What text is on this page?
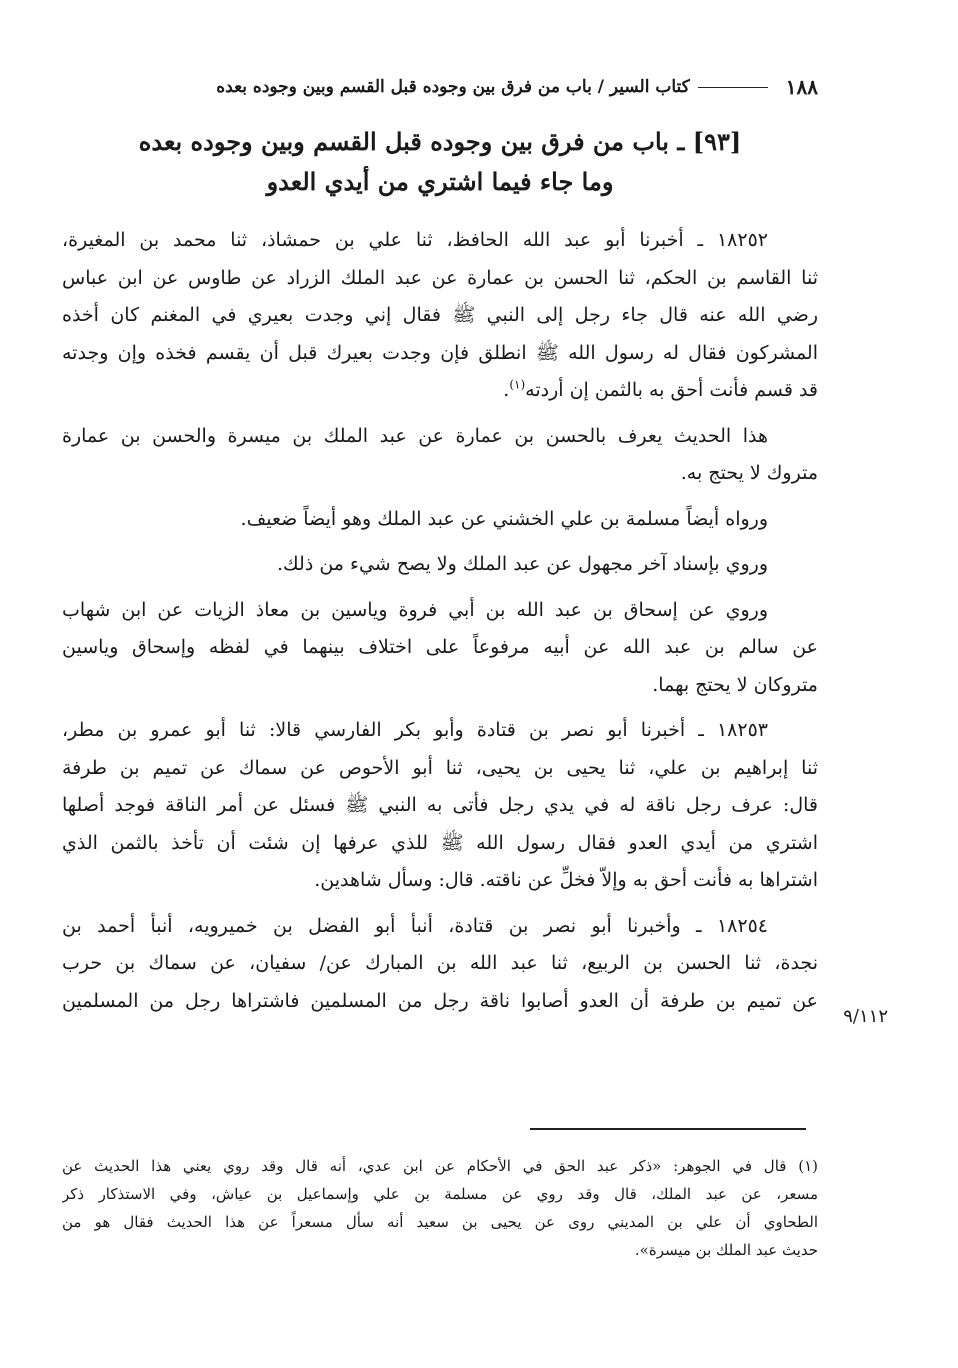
١٨٨
كتاب السير / باب من فرق بين وجوده قبل القسم وبين وجوده بعده
[٩٣] ـ باب من فرق بين وجوده قبل القسم وبين وجوده بعده
وما جاء فيما اشتري من أيدي العدو

١٨٢٥٢ ـ أخبرنا أبو عبد الله الحافظ، ثنا علي بن حمشاذ، ثنا محمد بن المغيرة،
ثنا القاسم بن الحكم، ثنا الحسن بن عمارة عن عبد الملك الزراد عن طاوس عن ابن عباس
رضي الله عنه قال جاء رجل إلى النبي ﷺ فقال إني وجدت بعيري في المغنم كان أخذه
المشركون فقال له رسول الله ﷺ انطلق فإن وجدت بعيرك قبل أن يقسم فخذه وإن وجدته
قد قسم فأنت أحق به بالثمن إن أردته$^{(١)}$.

هذا الحديث يعرف بالحسن بن عمارة عن عبد الملك بن ميسرة والحسن بن عمارة
متروك لا يحتج به.

ورواه أيضاً مسلمة بن علي الخشني عن عبد الملك وهو أيضاً ضعيف.

وروي بإسناد آخر مجهول عن عبد الملك ولا يصح شيء من ذلك.

وروي عن إسحاق بن عبد الله بن أبي فروة وياسين بن معاذ الزيات عن ابن شهاب
عن سالم بن عبد الله عن أبيه مرفوعاً على اختلاف بينهما في لفظه وإسحاق وياسين
متروكان لا يحتج بهما.

١٨٢٥٣ ـ أخبرنا أبو نصر بن قتادة وأبو بكر الفارسي قالا: ثنا أبو عمرو بن مطر،
ثنا إبراهيم بن علي، ثنا يحيى بن يحيى، ثنا أبو الأحوص عن سماك عن تميم بن طرفة
قال: عرف رجل ناقة له في يدي رجل فأتى به النبي ﷺ فسئل عن أمر الناقة فوجد أصلها
اشتري من أيدي العدو فقال رسول الله ﷺ للذي عرفها إن شئت أن تأخذ بالثمن الذي
اشتراها به فأنت أحق به وإلاّ فخلِّ عن ناقته. قال: وسأل شاهدين.

١٨٢٥٤ ـ وأخبرنا أبو نصر بن قتادة، أنبأ أبو الفضل بن خميرويه، أنبأ أحمد بن
نجدة، ثنا الحسن بن الربيع، ثنا عبد الله بن المبارك عن/ سفيان، عن سماك بن حرب
عن تميم بن طرفة أن العدو أصابوا ناقة رجل من المسلمين فاشتراها رجل من المسلمين

٩/١١٢
(١) قال في الجوهر: «ذكر عبد الحق في الأحكام عن ابن عدي، أنه قال وقد روي يعني هذا الحديث عن
مسعر، عن عبد الملك، قال وقد روي عن مسلمة بن علي وإسماعيل بن عياش، وفي الاستذكار ذكر
الطحاوي أن علي بن المديني روى عن يحيى بن سعيد أنه سأل مسعراً عن هذا الحديث فقال هو من
حديث عبد الملك بن ميسرة».
